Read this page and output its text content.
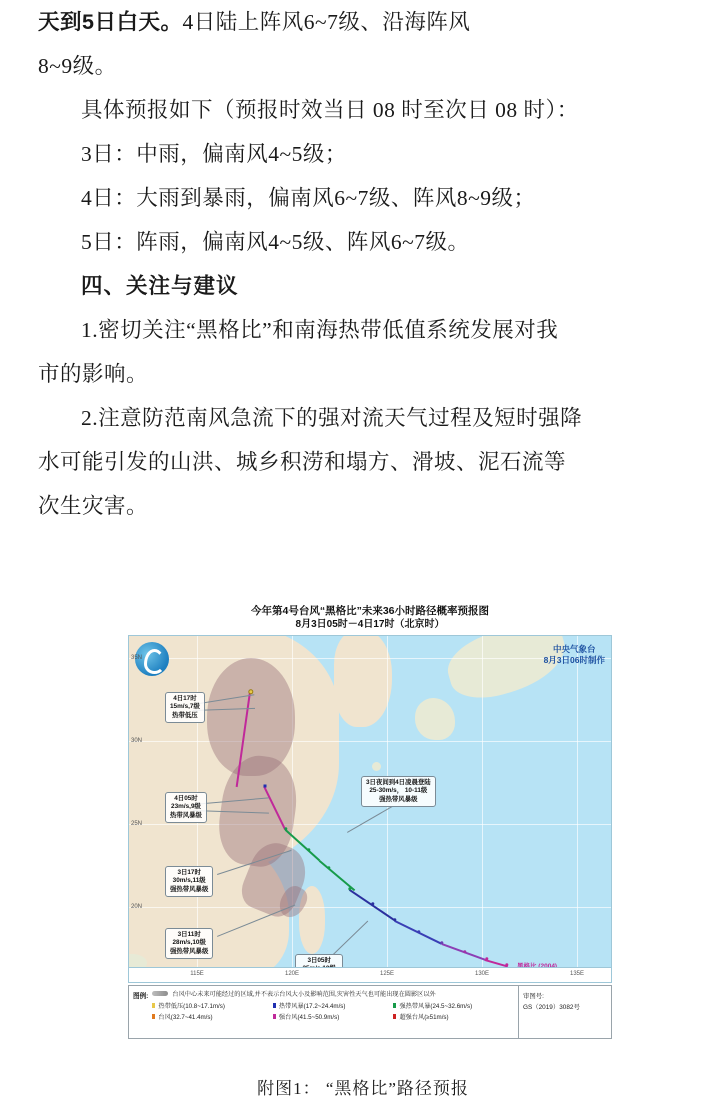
天到5日白天。4日陆上阵风6~7级、沿海阵风
8~9级。
具体预报如下（预报时效当日 08 时至次日 08 时）：
3日：中雨，偏南风4~5级；
4日：大雨到暴雨，偏南风6~7级、阵风8~9级；
5日：阵雨，偏南风4~5级、阵风6~7级。
四、关注与建议
1.密切关注“黑格比”和南海热带低值系统发展对我
市的影响。
2.注意防范南风急流下的强对流天气过程及短时强降
水可能引发的山洪、城乡积涝和塌方、滑坡、泥石流等
次生灾害。
今年第4号台风“黑格比”未来36小时路径概率预报图
8月3日05时－4日17时（北京时）
中央气象台
8月3日06时制作
4日17时
15m/s,7级
热带低压
4日05时
23m/s,9级
热带风暴级
3日17时
30m/s,11级
强热带风暴级
3日11时
28m/s,10级
强热带风暴级
3日05时
3日夜间到4日凌晨登陆
25-30m/s， 10-11级
强热带风暴级
35N
30N
25N
20N
115E	120E	125E	130E	135E
图例:	台风中心未来可能经过的区域,并不表示台风大小及影响范围,灾害性天气也可能出现在圆影区以外
热带低压(10.8~17.1m/s)	热带风暴(17.2~24.4m/s)	强热带风暴(24.5~32.6m/s)
台风(32.7~41.4m/s)	强台风(41.5~50.9m/s)	超强台风(≥51m/s)
审图号:
GS（2019）3082号
附图1： “黑格比”路径预报
